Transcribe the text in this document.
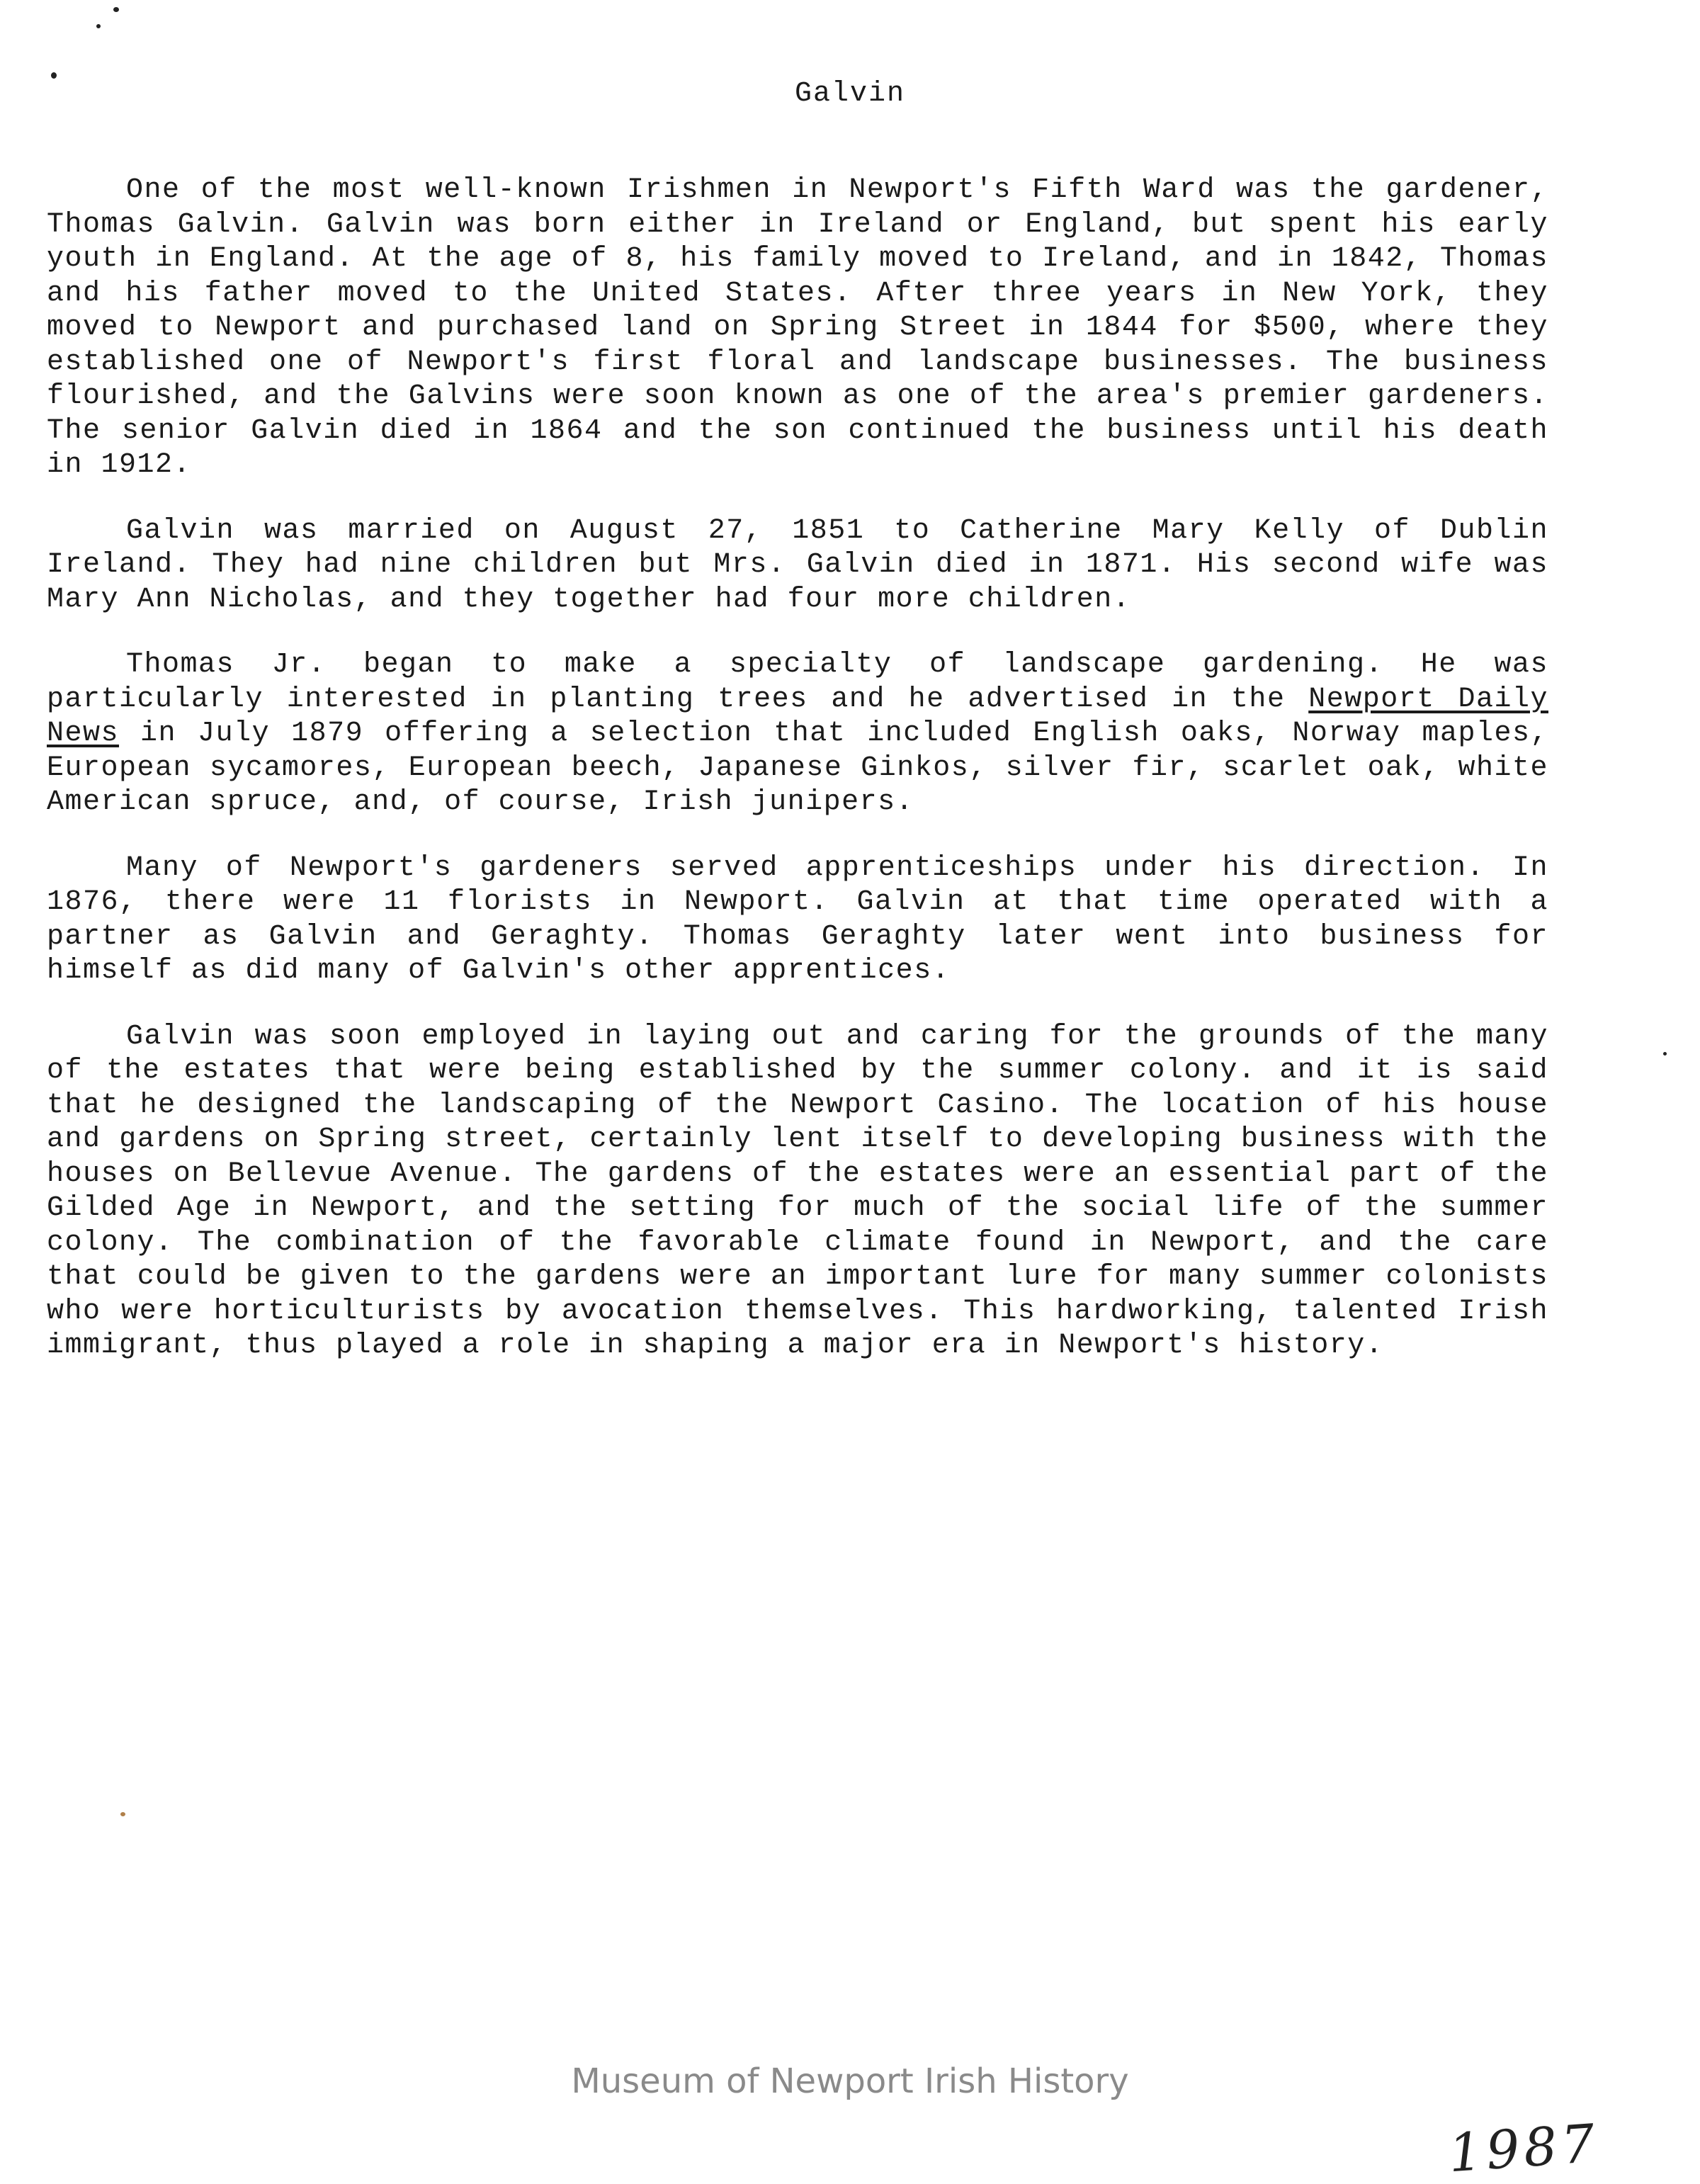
Galvin

One of the most well-known Irishmen in Newport's Fifth Ward was the gardener, Thomas Galvin. Galvin was born either in Ireland or England, but spent his early youth in England. At the age of 8, his family moved to Ireland, and in 1842, Thomas and his father moved to the United States. After three years in New York, they moved to Newport and purchased land on Spring Street in 1844 for $500, where they established one of Newport's first floral and landscape businesses. The business flourished, and the Galvins were soon known as one of the area's premier gardeners. The senior Galvin died in 1864 and the son continued the business until his death in 1912.

Galvin was married on August 27, 1851 to Catherine Mary Kelly of Dublin Ireland. They had nine children but Mrs. Galvin died in 1871. His second wife was Mary Ann Nicholas, and they together had four more children.

Thomas Jr. began to make a specialty of landscape gardening. He was particularly interested in planting trees and he advertised in the Newport Daily News in July 1879 offering a selection that included English oaks, Norway maples, European sycamores, European beech, Japanese Ginkos, silver fir, scarlet oak, white American spruce, and, of course, Irish junipers.

Many of Newport's gardeners served apprenticeships under his direction. In 1876, there were 11 florists in Newport. Galvin at that time operated with a partner as Galvin and Geraghty. Thomas Geraghty later went into business for himself as did many of Galvin's other apprentices.

Galvin was soon employed in laying out and caring for the grounds of the many of the estates that were being established by the summer colony. and it is said that he designed the landscaping of the Newport Casino. The location of his house and gardens on Spring street, certainly lent itself to developing business with the houses on Bellevue Avenue. The gardens of the estates were an essential part of the Gilded Age in Newport, and the setting for much of the social life of the summer colony. The combination of the favorable climate found in Newport, and the care that could be given to the gardens were an important lure for many summer colonists who were horticulturists by avocation themselves. This hardworking, talented Irish immigrant, thus played a role in shaping a major era in Newport's history.

Museum of Newport Irish History
1987
